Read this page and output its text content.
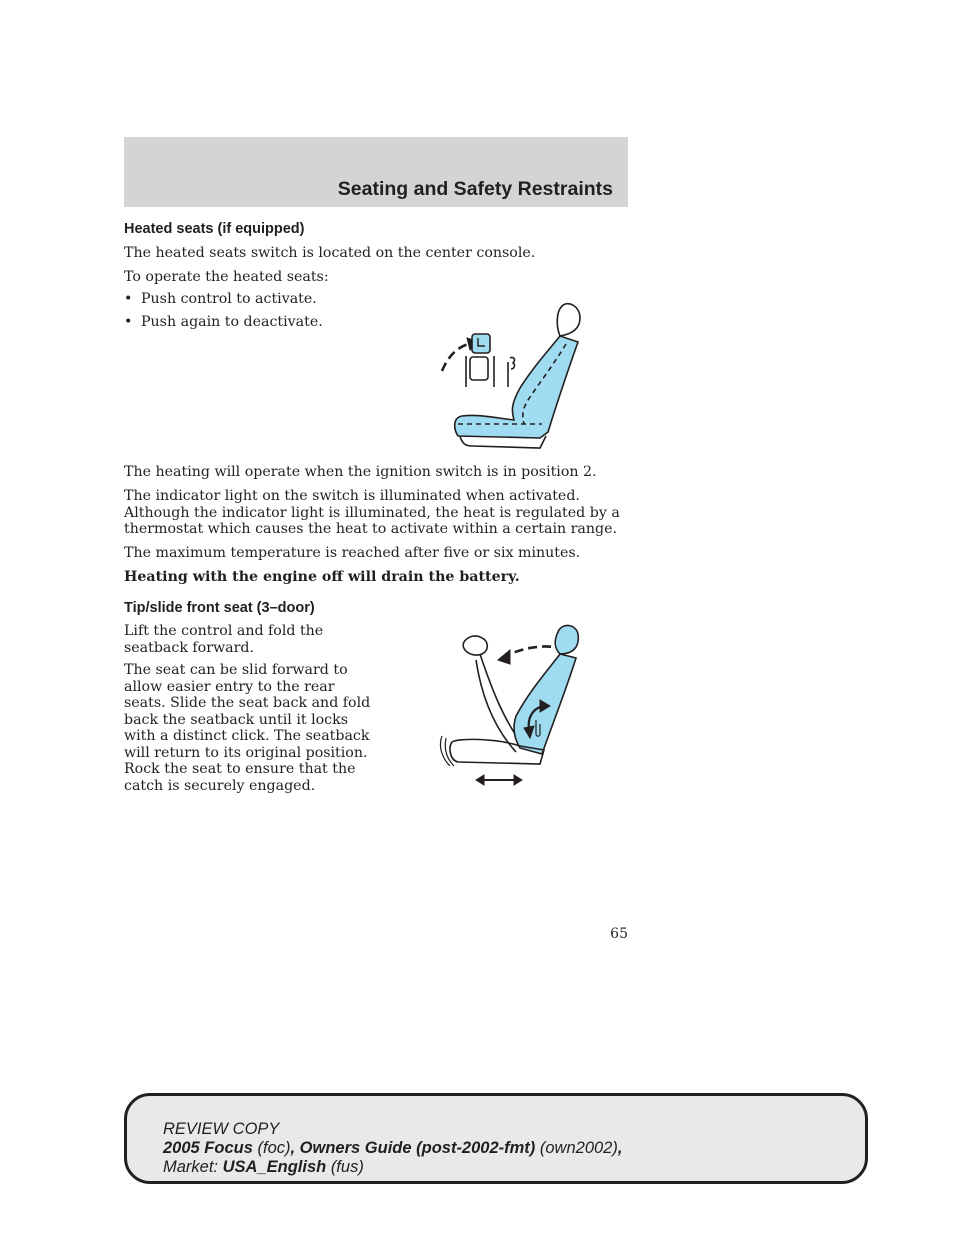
Seating and Safety Restraints
Heated seats (if equipped)

The heated seats switch is located on the center console.

To operate the heated seats:

• Push control to activate.
• Push again to deactivate.

The heating will operate when the ignition switch is in position 2.

The indicator light on the switch is illuminated when activated. Although the indicator light is illuminated, the heat is regulated by a thermostat which causes the heat to activate within a certain range.

The maximum temperature is reached after five or six minutes.

Heating with the engine off will drain the battery.

Tip/slide front seat (3–door)

Lift the control and fold the seatback forward.

The seat can be slid forward to allow easier entry to the rear seats. Slide the seat back and fold back the seatback until it locks with a distinct click. The seatback will return to its original position. Rock the seat to ensure that the catch is securely engaged.

65
REVIEW COPY
2005 Focus (foc), Owners Guide (post-2002-fmt) (own2002),
Market: USA_English (fus)
